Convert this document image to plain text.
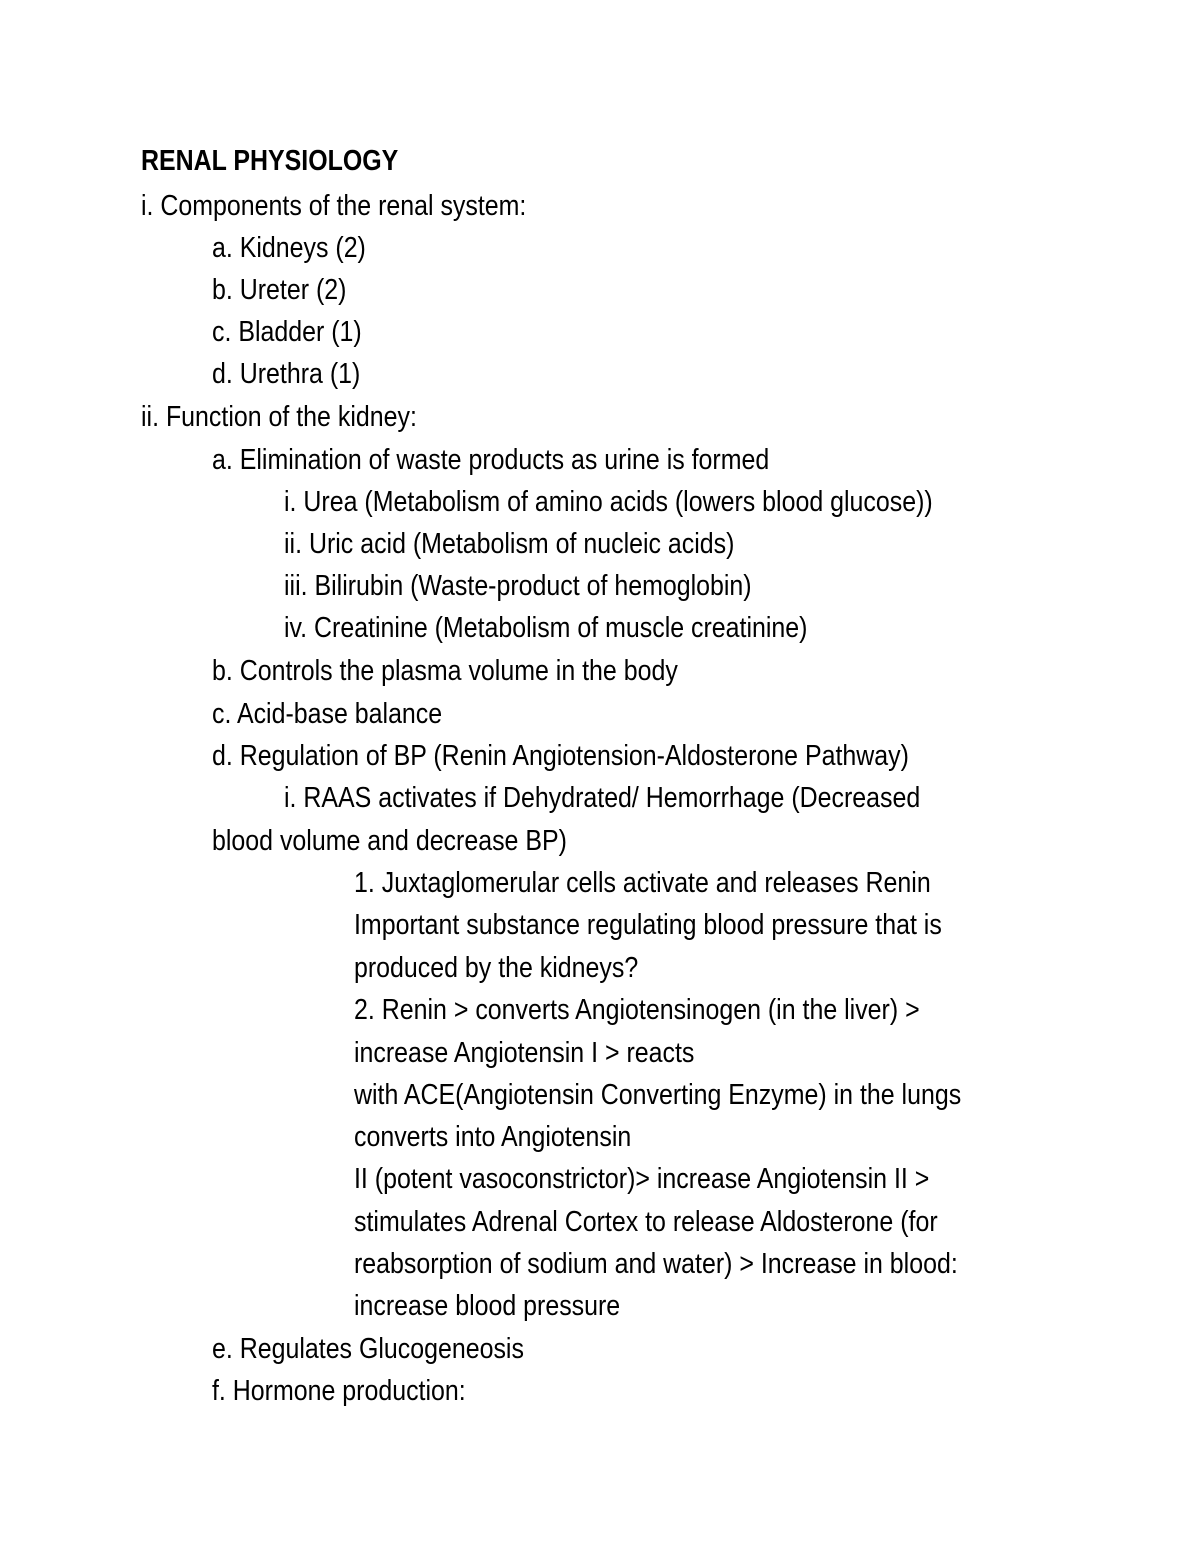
RENAL PHYSIOLOGY
i. Components of the renal system:
a. Kidneys (2)
b. Ureter (2)
c. Bladder (1)
d. Urethra (1)
ii. Function of the kidney:
a. Elimination of waste products as urine is formed
i. Urea (Metabolism of amino acids (lowers blood glucose))
ii. Uric acid (Metabolism of nucleic acids)
iii. Bilirubin (Waste-product of hemoglobin)
iv. Creatinine (Metabolism of muscle creatinine)
b. Controls the plasma volume in the body
c. Acid-base balance
d. Regulation of BP (Renin Angiotension-Aldosterone Pathway)
i. RAAS activates if Dehydrated/ Hemorrhage (Decreased
blood volume and decrease BP)
1. Juxtaglomerular cells activate and releases Renin
Important substance regulating blood pressure that is
produced by the kidneys?
2. Renin > converts Angiotensinogen (in the liver) >
increase Angiotensin I > reacts
with ACE(Angiotensin Converting Enzyme) in the lungs
converts into Angiotensin
II (potent vasoconstrictor)> increase Angiotensin II >
stimulates Adrenal Cortex to release Aldosterone (for
reabsorption of sodium and water) > Increase in blood:
increase blood pressure
e. Regulates Glucogeneosis
f. Hormone production:
